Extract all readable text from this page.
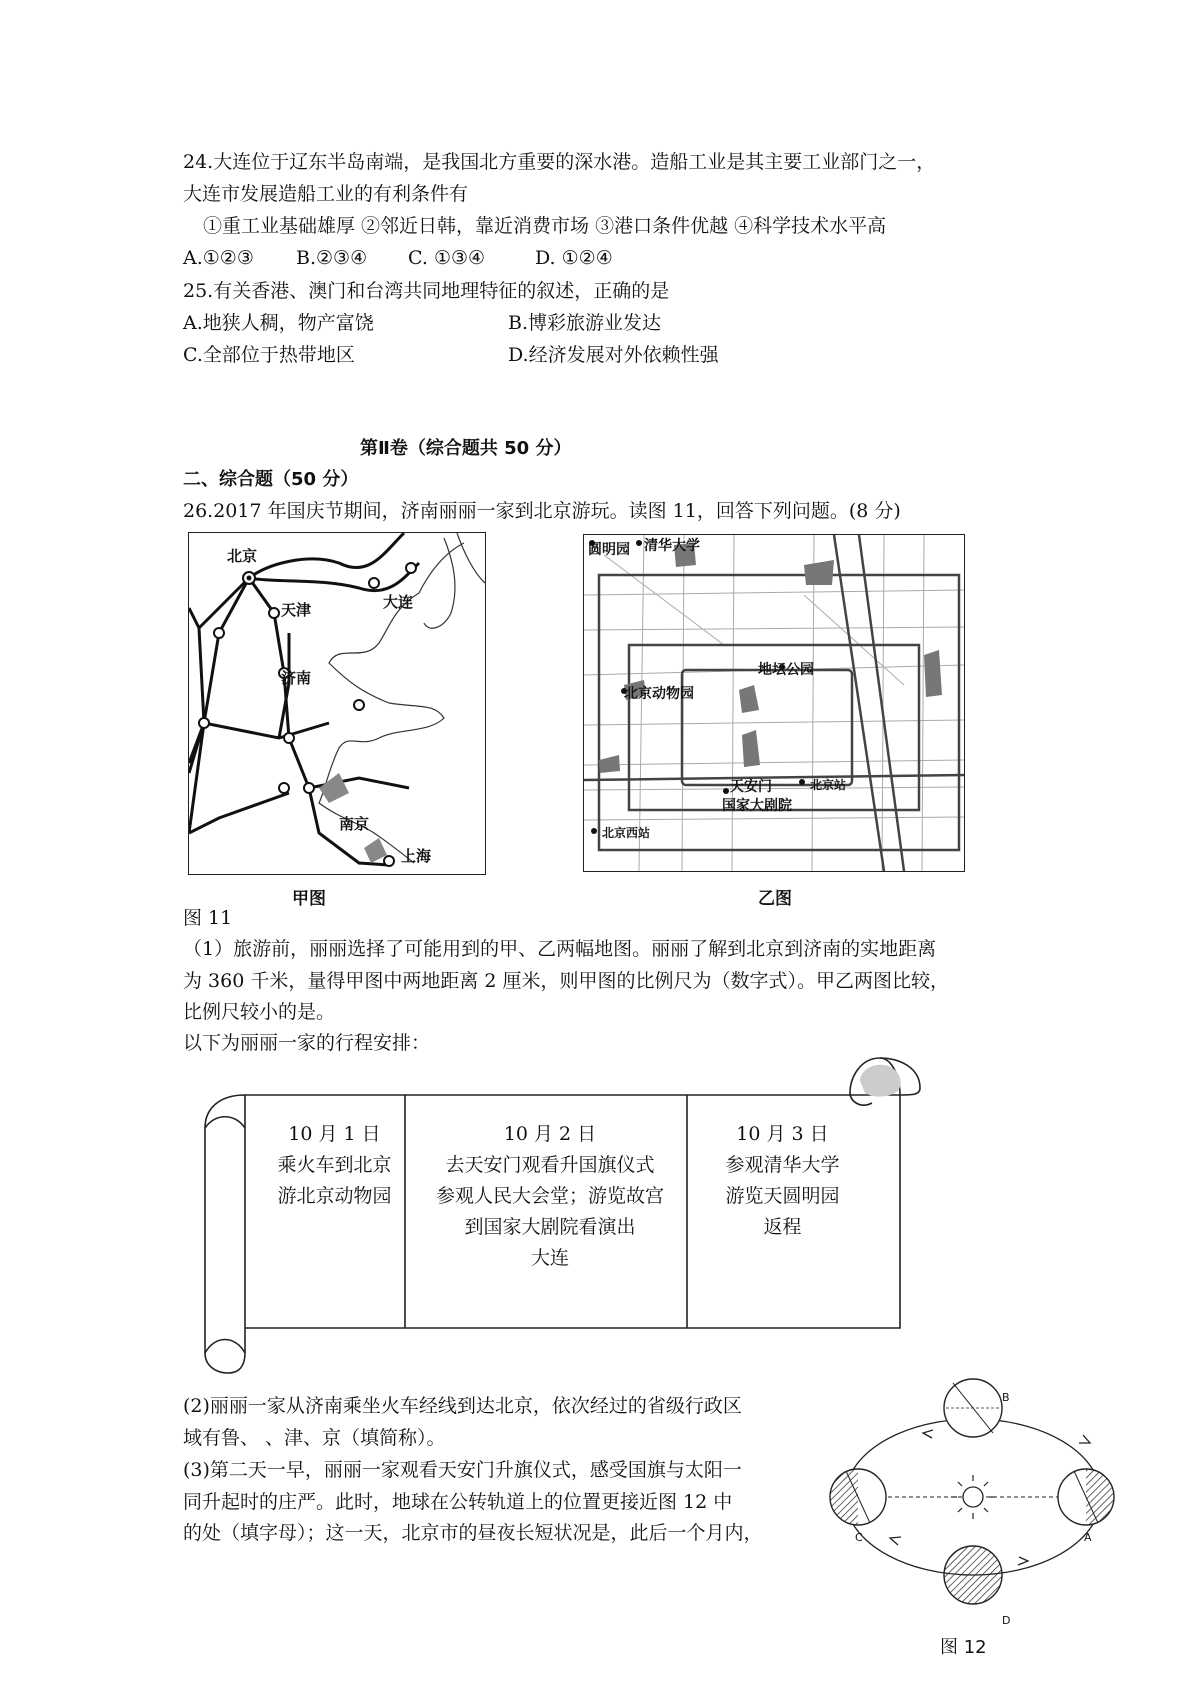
24.大连位于辽东半岛南端，是我国北方重要的深水港。造船工业是其主要工业部门之一，
大连市发展造船工业的有利条件有
①重工业基础雄厚 ②邻近日韩，靠近消费市场 ③港口条件优越 ④科学技术水平高
A.①②③ B.②③④ C. ①③④	D. ①②④
25.有关香港、澳门和台湾共同地理特征的叙述，正确的是
A.地狭人稠，物产富饶	B.博彩旅游业发达
C.全部位于热带地区	D.经济发展对外依赖性强
第Ⅱ卷（综合题共 50 分）
二、综合题（50 分）
26.2017 年国庆节期间，济南丽丽一家到北京游玩。读图 11，回答下列问题。(8 分)
北京
天津	大连
济南
南京
上海
甲图
圆明园 清华大学
地坛公园
北京动物园
天安门	北京站
北京西站
国家大剧院
乙图
图 11
（1）旅游前，丽丽选择了可能用到的甲、乙两幅地图。丽丽了解到北京到济南的实地距离
为 360 千米，量得甲图中两地距离 2 厘米，则甲图的比例尺为（数字式）。甲乙两图比较，
比例尺较小的是。
以下为丽丽一家的行程安排：
10 月 1 日
乘火车到北京
游北京动物园
10 月 2 日
去天安门观看升国旗仪式
参观人民大会堂；游览故宫
到国家大剧院看演出
大连
10 月 3 日
参观清华大学
游览天圆明园
返程
(2)丽丽一家从济南乘坐火车经线到达北京，依次经过的省级行政区
域有鲁、 、津、京（填简称）。
(3)第二天一早，丽丽一家观看天安门升旗仪式，感受国旗与太阳一
同升起时的庄严。此时，地球在公转轨道上的位置更接近图 12 中
的处（填字母）；这一天，北京市的昼夜长短状况是，此后一个月内，
B
A
C
D
图 12
